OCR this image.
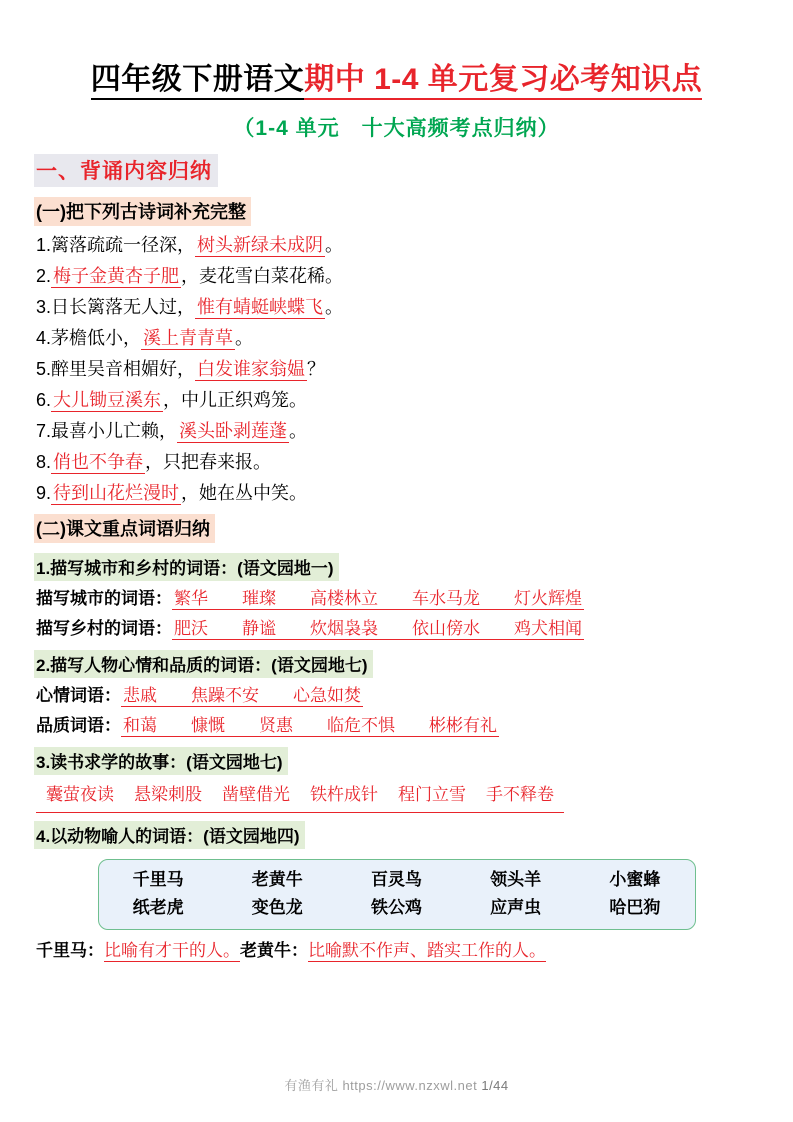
四年级下册语文期中 1-4 单元复习必考知识点
（1-4 单元　十大高频考点归纳）
一、背诵内容归纳
(一)把下列古诗词补充完整
1.篱落疏疏一径深， 树头新绿未成阴 。
2. 梅子金黄杏子肥 ，麦花雪白菜花稀。
3.日长篱落无人过， 惟有蜻蜓峡蝶飞 。
4.茅檐低小， 溪上青青草 。
5.醉里吴音相媚好， 白发谁家翁媪 ？
6. 大儿锄豆溪东 ，中儿正织鸡笼。
7.最喜小儿亡赖， 溪头卧剥莲蓬 。
8. 俏也不争春 ，只把春来报。
9. 待到山花烂漫时 ，她在丛中笑。
(二)课文重点词语归纳
1.描写城市和乡村的词语：(语文园地一)
描写城市的词语： 繁华 璀璨 高楼林立 车水马龙 灯火辉煌
描写乡村的词语： 肥沃 静谧 炊烟袅袅 依山傍水 鸡犬相闻
2.描写人物心情和品质的词语：(语文园地七)
心情词语： 悲戚 焦躁不安 心急如焚
品质词语： 和蔼 慷慨 贤惠 临危不惧 彬彬有礼
3.读书求学的故事：(语文园地七)
囊萤夜读 悬梁刺股 凿壁借光 铁杵成针 程门立雪 手不释卷
4.以动物喻人的词语：(语文园地四)
千里马	老黄牛	百灵鸟	领头羊	小蜜蜂
纸老虎	变色龙	铁公鸡	应声虫	哈巴狗
千里马：比喻有才干的人。老黄牛：比喻默不作声、踏实工作的人。
有渔有礼 https://www.nzxwl.net 1/44
